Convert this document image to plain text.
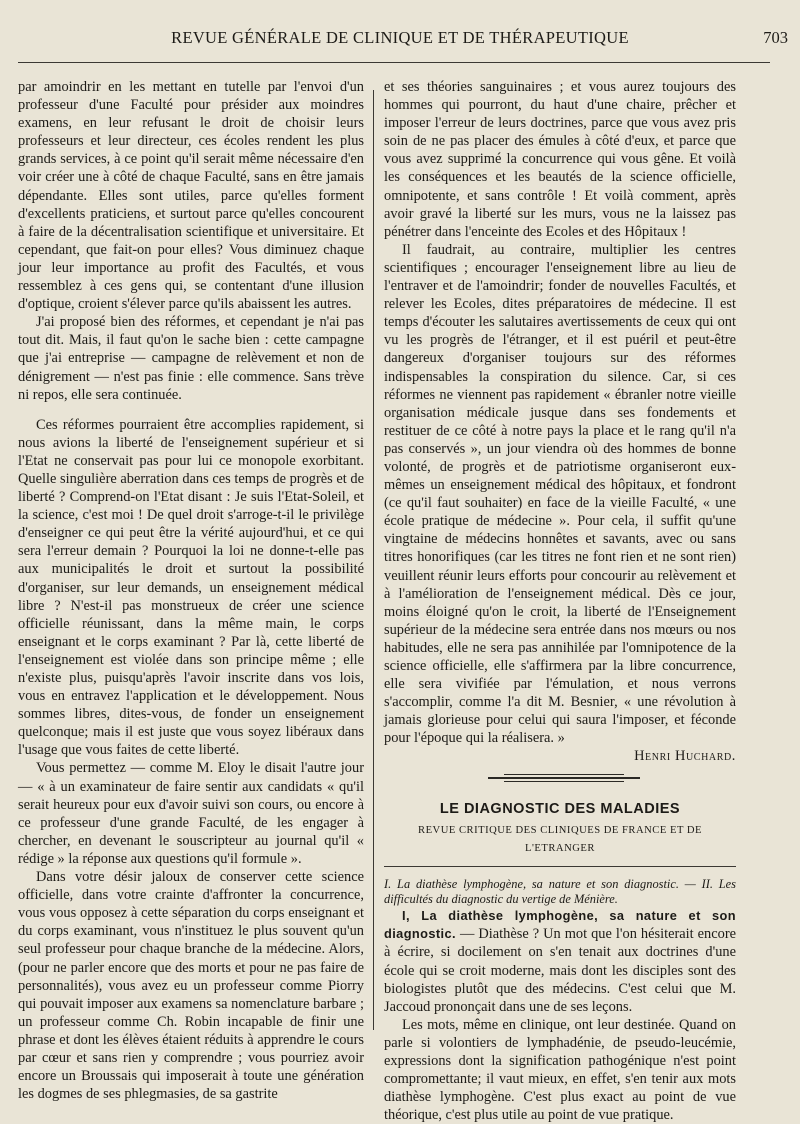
REVUE GÉNÉRALE DE CLINIQUE ET DE THÉRAPEUTIQUE	703

par amoindrir en les mettant en tutelle par l'envoi d'un professeur d'une Faculté pour présider aux moindres examens, en leur refusant le droit de choisir leurs professeurs et leur directeur, ces écoles rendent les plus grands services, à ce point qu'il serait même nécessaire d'en voir créer une à côté de chaque Faculté, sans en être jamais dépendante. Elles sont utiles, parce qu'elles forment d'excellents praticiens, et surtout parce qu'elles concourent à faire de la décentralisation scientifique et universitaire. Et cependant, que fait-on pour elles? Vous diminuez chaque jour leur importance au profit des Facultés, et vous ressemblez à ces gens qui, se contentant d'une illusion d'optique, croient s'élever parce qu'ils abaissent les autres.

J'ai proposé bien des réformes, et cependant je n'ai pas tout dit. Mais, il faut qu'on le sache bien : cette campagne que j'ai entreprise — campagne de relèvement et non de dénigrement — n'est pas finie : elle commence. Sans trève ni repos, elle sera continuée.

Ces réformes pourraient être accomplies rapidement, si nous avions la liberté de l'enseignement supérieur et si l'Etat ne conservait pas pour lui ce monopole exorbitant. Quelle singulière aberration dans ces temps de progrès et de liberté ? Comprend-on l'Etat disant : Je suis l'Etat-Soleil, et la science, c'est moi ! De quel droit s'arroge-t-il le privilège d'enseigner ce qui peut être la vérité aujourd'hui, et ce qui sera l'erreur demain ? Pourquoi la loi ne donne-t-elle pas aux municipalités le droit et surtout la possibilité d'organiser, sur leur demands, un enseignement médical libre ? N'est-il pas monstrueux de créer une science officielle réunissant, dans la même main, le corps enseignant et le corps examinant ? Par là, cette liberté de l'enseignement est violée dans son principe même ; elle n'existe plus, puisqu'après l'avoir inscrite dans vos lois, vous en entravez l'application et le développement. Nous sommes libres, dites-vous, de fonder un enseignement quelconque; mais il est juste que vous soyez libéraux dans l'usage que vous faites de cette liberté.

Vous permettez — comme M. Eloy le disait l'autre jour — « à un examinateur de faire sentir aux candidats « qu'il serait heureux pour eux d'avoir suivi son cours, ou encore à ce professeur d'une grande Faculté, de les engager à chercher, en devenant le souscripteur au journal qu'il « rédige » la réponse aux questions qu'il formule ».

Dans votre désir jaloux de conserver cette science officielle, dans votre crainte d'affronter la concurrence, vous vous opposez à cette séparation du corps enseignant et du corps examinant, vous n'instituez le plus souvent qu'un seul professeur pour chaque branche de la médecine. Alors, (pour ne parler encore que des morts et pour ne pas faire de personnalités), vous avez eu un professeur comme Piorry qui pouvait imposer aux examens sa nomenclature barbare ; un professeur comme Ch. Robin incapable de finir une phrase et dont les élèves étaient réduits à apprendre le cours par cœur et sans rien y comprendre ; vous pourriez avoir encore un Broussais qui imposerait à toute une génération les dogmes de ses phlegmasies, de sa gastrite

et ses théories sanguinaires ; et vous aurez toujours des hommes qui pourront, du haut d'une chaire, prêcher et imposer l'erreur de leurs doctrines, parce que vous avez pris soin de ne pas placer des émules à côté d'eux, et parce que vous avez supprimé la concurrence qui vous gêne. Et voilà les conséquences et les beautés de la science officielle, omnipotente, et sans contrôle ! Et voilà comment, après avoir gravé la liberté sur les murs, vous ne la laissez pas pénétrer dans l'enceinte des Ecoles et des Hôpitaux !

Il faudrait, au contraire, multiplier les centres scientifiques ; encourager l'enseignement libre au lieu de l'entraver et de l'amoindrir; fonder de nouvelles Facultés, et relever les Ecoles, dites préparatoires de médecine. Il est temps d'écouter les salutaires avertissements de ceux qui ont vu les progrès de l'étranger, et il est puéril et peut-être dangereux d'organiser toujours sur des réformes indispensables la conspiration du silence. Car, si ces réformes ne viennent pas rapidement « ébranler notre vieille organisation médicale jusque dans ses fondements et restituer de ce côté à notre pays la place et le rang qu'il n'a pas conservés », un jour viendra où des hommes de bonne volonté, de progrès et de patriotisme organiseront eux-mêmes un enseignement médical des hôpitaux, et fondront (ce qu'il faut souhaiter) en face de la vieille Faculté, « une école pratique de médecine ». Pour cela, il suffit qu'une vingtaine de médecins honnêtes et savants, avec ou sans titres honorifiques (car les titres ne font rien et ne sont rien) veuillent réunir leurs efforts pour concourir au relèvement et à l'amélioration de l'enseignement médical. Dès ce jour, moins éloigné qu'on le croit, la liberté de l'Enseignement supérieur de la médecine sera entrée dans nos mœurs ou nos habitudes, elle ne sera pas annihilée par l'omnipotence de la science officielle, elle s'affirmera par la libre concurrence, elle sera vivifiée par l'émulation, et nous verrons s'accomplir, comme l'a dit M. Besnier, « une révolution à jamais glorieuse pour celui qui saura l'imposer, et féconde pour l'époque qui la réalisera. »

Henri Huchard.

LE DIAGNOSTIC DES MALADIES
REVUE CRITIQUE DES CLINIQUES DE FRANCE ET DE L'ETRANGER

I. La diathèse lymphogène, sa nature et son diagnostic. — II. Les difficultés du diagnostic du vertige de Ménière.

I, La diathèse lymphogène, sa nature et son diagnostic. — Diathèse ? Un mot que l'on hésiterait encore à écrire, si docilement on s'en tenait aux doctrines d'une école qui se croit moderne, mais dont les disciples sont des biologistes plutôt que des médecins. C'est celui que M. Jaccoud prononçait dans une de ses leçons.

Les mots, même en clinique, ont leur destinée. Quand on parle si volontiers de lymphadénie, de pseudo-leucémie, expressions dont la signification pathogénique n'est point compromettante; il vaut mieux, en effet, s'en tenir aux mots diathèse lymphogène. C'est plus exact au point de vue théorique, c'est plus utile au point de vue pratique.
